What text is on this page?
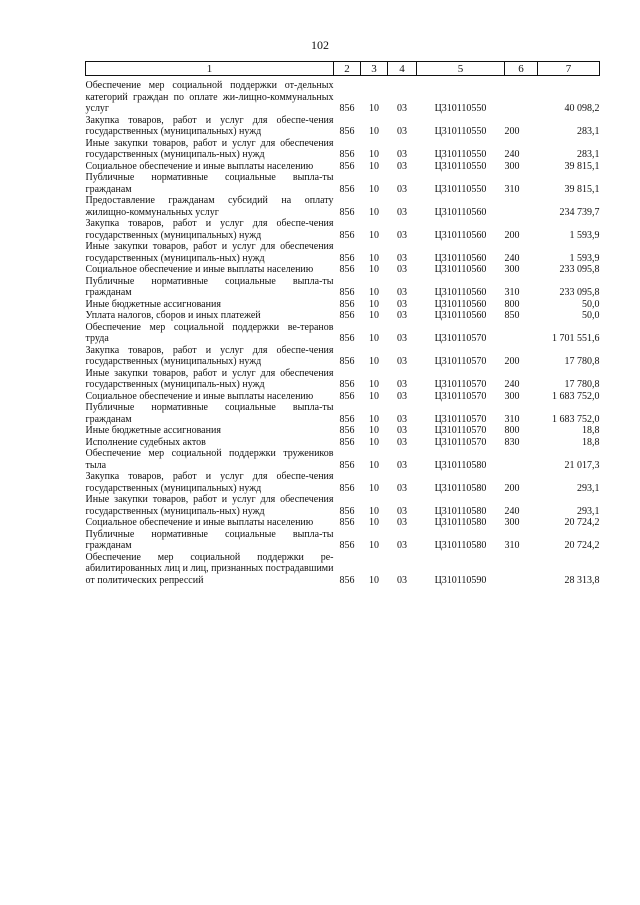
102
1	2	3	4	5	6	7

Обеспечение мер социальной поддержки от-дельных категорий граждан по оплате жи-лищно-коммунальных услуг	856	10	03	Ц310110550		40 098,2
Закупка товаров, работ и услуг для обеспе-чения государственных (муниципальных) нужд	856	10	03	Ц310110550	200	283,1
Иные закупки товаров, работ и услуг для обеспечения государственных (муниципаль-ных) нужд	856	10	03	Ц310110550	240	283,1
Социальное обеспечение и иные выплаты населению	856	10	03	Ц310110550	300	39 815,1
Публичные нормативные социальные выпла-ты гражданам	856	10	03	Ц310110550	310	39 815,1
Предоставление гражданам субсидий на оплату жилищно-коммунальных услуг	856	10	03	Ц310110560		234 739,7
Закупка товаров, работ и услуг для обеспе-чения государственных (муниципальных) нужд	856	10	03	Ц310110560	200	1 593,9
Иные закупки товаров, работ и услуг для обеспечения государственных (муниципаль-ных) нужд	856	10	03	Ц310110560	240	1 593,9
Социальное обеспечение и иные выплаты населению	856	10	03	Ц310110560	300	233 095,8
Публичные нормативные социальные выпла-ты гражданам	856	10	03	Ц310110560	310	233 095,8
Иные бюджетные ассигнования	856	10	03	Ц310110560	800	50,0
Уплата налогов, сборов и иных платежей	856	10	03	Ц310110560	850	50,0
Обеспечение мер социальной поддержки ве-теранов труда	856	10	03	Ц310110570		1 701 551,6
Закупка товаров, работ и услуг для обеспе-чения государственных (муниципальных) нужд	856	10	03	Ц310110570	200	17 780,8
Иные закупки товаров, работ и услуг для обеспечения государственных (муниципаль-ных) нужд	856	10	03	Ц310110570	240	17 780,8
Социальное обеспечение и иные выплаты населению	856	10	03	Ц310110570	300	1 683 752,0
Публичные нормативные социальные выпла-ты гражданам	856	10	03	Ц310110570	310	1 683 752,0
Иные бюджетные ассигнования	856	10	03	Ц310110570	800	18,8
Исполнение судебных актов	856	10	03	Ц310110570	830	18,8
Обеспечение мер социальной поддержки тружеников тыла	856	10	03	Ц310110580		21 017,3
Закупка товаров, работ и услуг для обеспе-чения государственных (муниципальных) нужд	856	10	03	Ц310110580	200	293,1
Иные закупки товаров, работ и услуг для обеспечения государственных (муниципаль-ных) нужд	856	10	03	Ц310110580	240	293,1
Социальное обеспечение и иные выплаты населению	856	10	03	Ц310110580	300	20 724,2
Публичные нормативные социальные выпла-ты гражданам	856	10	03	Ц310110580	310	20 724,2
Обеспечение мер социальной поддержки ре-абилитированных лиц и лиц, признанных пострадавшими от политических репрессий	856	10	03	Ц310110590		28 313,8
